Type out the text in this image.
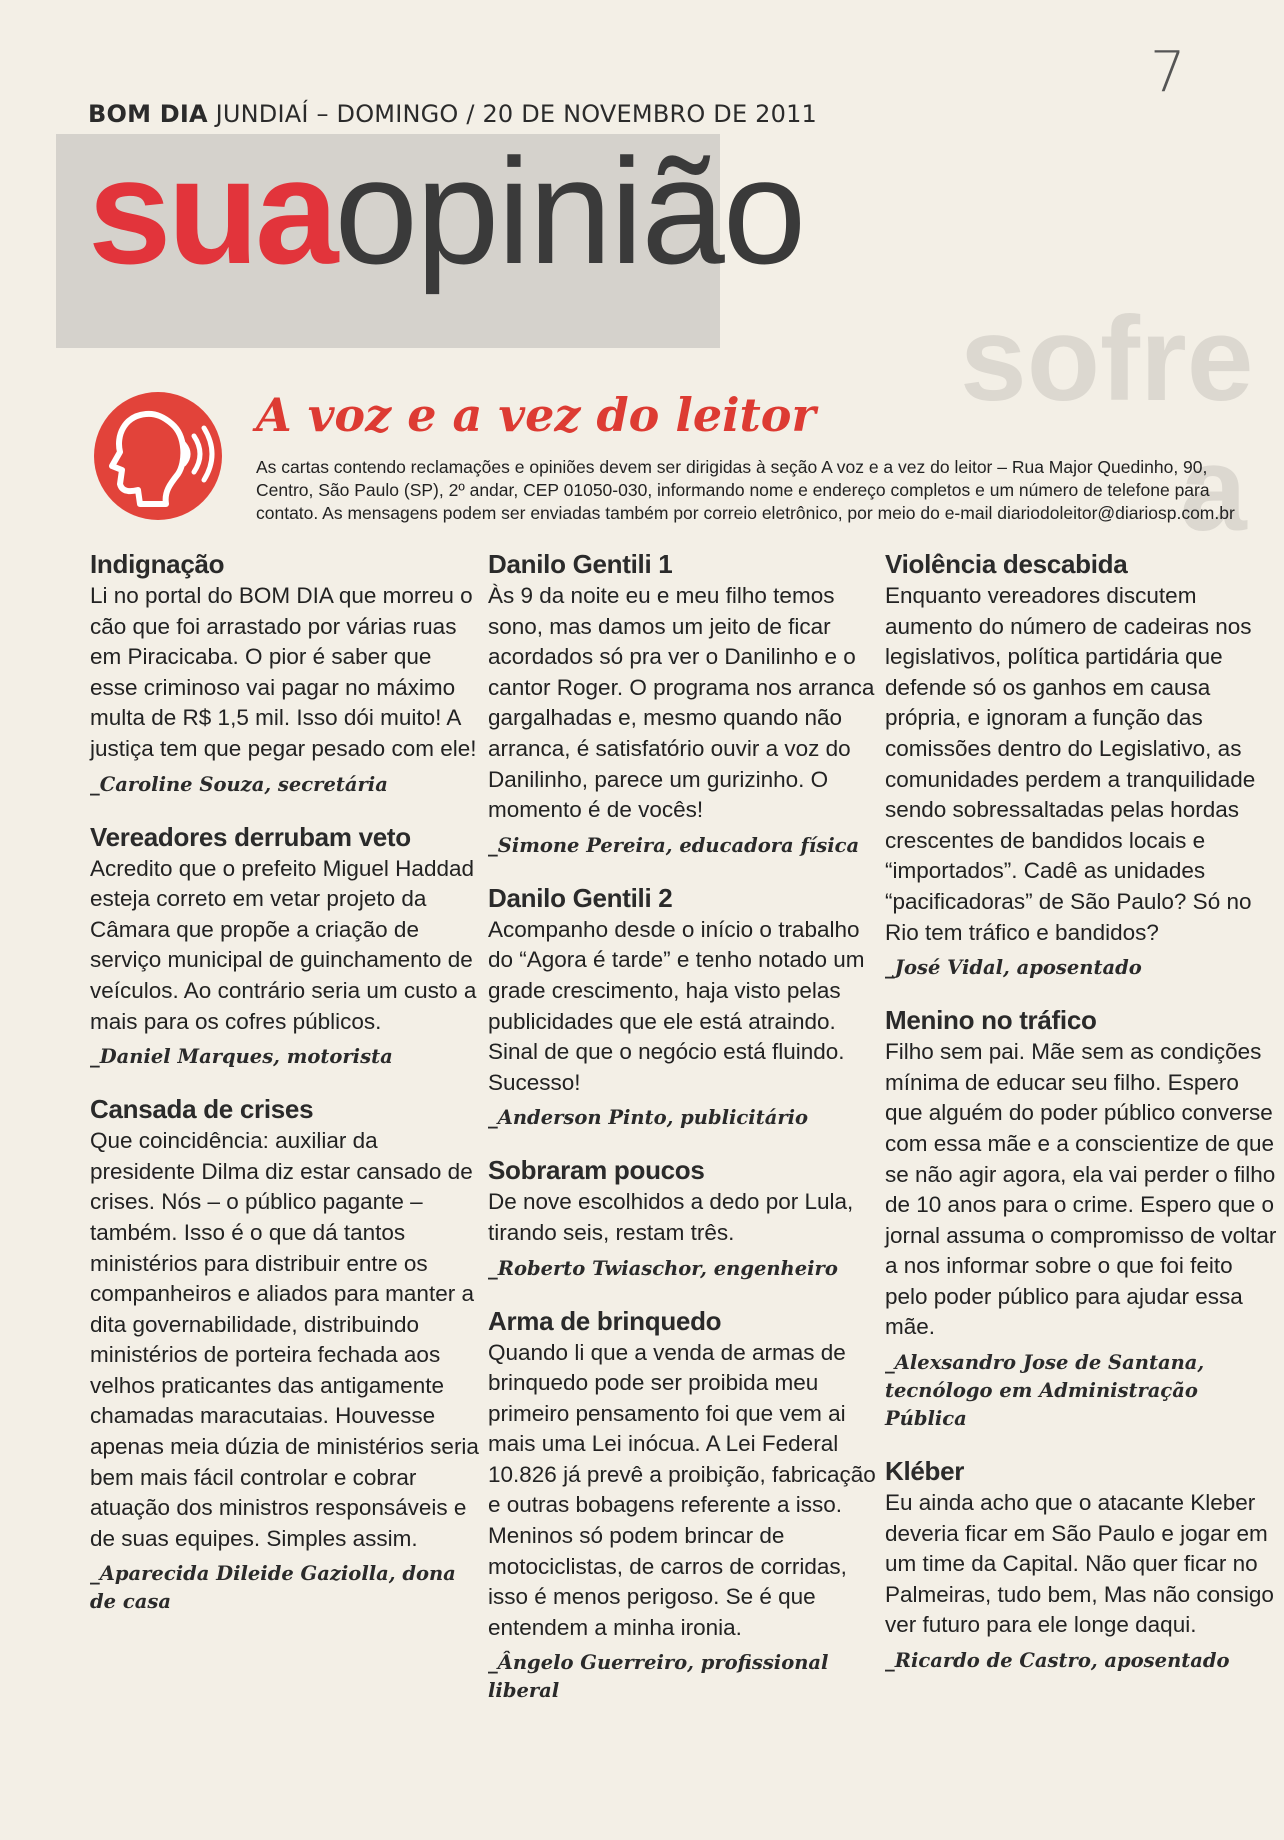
sofre
a
7
BOM DIA JUNDIAÍ – DOMINGO / 20 DE NOVEMBRO DE 2011
suaopinião
A voz e a vez do leitor
As cartas contendo reclamações e opiniões devem ser dirigidas à seção A voz e a vez do leitor – Rua Major Quedinho, 90, Centro, São Paulo (SP), 2º andar, CEP 01050-030, informando nome e endereço completos e um número de telefone para contato. As mensagens podem ser enviadas também por correio eletrônico, por meio do e-mail diariodoleitor@diariosp.com.br
Indignação

Li no portal do BOM DIA que morreu o cão que foi arrastado por várias ruas em Piracicaba. O pior é saber que esse criminoso vai pagar no máximo multa de R$ 1,5 mil. Isso dói muito! A justiça tem que pegar pesado com ele!

_Caroline Souza, secretária
Vereadores derrubam veto

Acredito que o prefeito Miguel Haddad esteja correto em vetar projeto da Câmara que propõe a criação de serviço municipal de guinchamento de veículos. Ao contrário seria um custo a mais para os cofres públicos.

_Daniel Marques, motorista
Cansada de crises

Que coincidência: auxiliar da presidente Dilma diz estar cansado de crises. Nós – o público pagante – também. Isso é o que dá tantos ministérios para distribuir entre os companheiros e aliados para manter a dita governabilidade, distribuindo ministérios de porteira fechada aos velhos praticantes das antigamente chamadas maracutaias. Houvesse apenas meia dúzia de ministérios seria bem mais fácil controlar e cobrar atuação dos ministros responsáveis e de suas equipes. Simples assim.

_Aparecida Dileide Gaziolla, dona de casa
Danilo Gentili 1

Às 9 da noite eu e meu filho temos sono, mas damos um jeito de ficar acordados só pra ver o Danilinho e o cantor Roger. O programa nos arranca gargalhadas e, mesmo quando não arranca, é satisfatório ouvir a voz do Danilinho, parece um gurizinho. O momento é de vocês!

_Simone Pereira, educadora física
Danilo Gentili 2

Acompanho desde o início o trabalho do “Agora é tarde” e tenho notado um grade crescimento, haja visto pelas publicidades que ele está atraindo. Sinal de que o negócio está fluindo. Sucesso!

_Anderson Pinto, publicitário
Sobraram poucos

De nove escolhidos a dedo por Lula, tirando seis, restam três.

_Roberto Twiaschor, engenheiro
Arma de brinquedo

Quando li que a venda de armas de brinquedo pode ser proibida meu primeiro pensamento foi que vem ai mais uma Lei inócua. A Lei Federal 10.826 já prevê a proibição, fabricação e outras bobagens referente a isso. Meninos só podem brincar de motociclistas, de carros de corridas, isso é menos perigoso. Se é que entendem a minha ironia.

_Ângelo Guerreiro, profissional liberal
Violência descabida

Enquanto vereadores discutem aumento do número de cadeiras nos legislativos, política partidária que defende só os ganhos em causa própria, e ignoram a função das comissões dentro do Legislativo, as comunidades perdem a tranquilidade sendo sobressaltadas pelas hordas crescentes de bandidos locais e “importados”. Cadê as unidades “pacificadoras” de São Paulo? Só no Rio tem tráfico e bandidos?

_José Vidal, aposentado
Menino no tráfico

Filho sem pai. Mãe sem as condições mínima de educar seu filho. Espero que alguém do poder público converse com essa mãe e a conscientize de que se não agir agora, ela vai perder o filho de 10 anos para o crime. Espero que o jornal assuma o compromisso de voltar a nos informar sobre o que foi feito pelo poder público para ajudar essa mãe.

_Alexsandro Jose de Santana, tecnólogo em Administração Pública
Kléber

Eu ainda acho que o atacante Kleber deveria ficar em São Paulo e jogar em um time da Capital. Não quer ficar no Palmeiras, tudo bem, Mas não consigo ver futuro para ele longe daqui.

_Ricardo de Castro, aposentado
